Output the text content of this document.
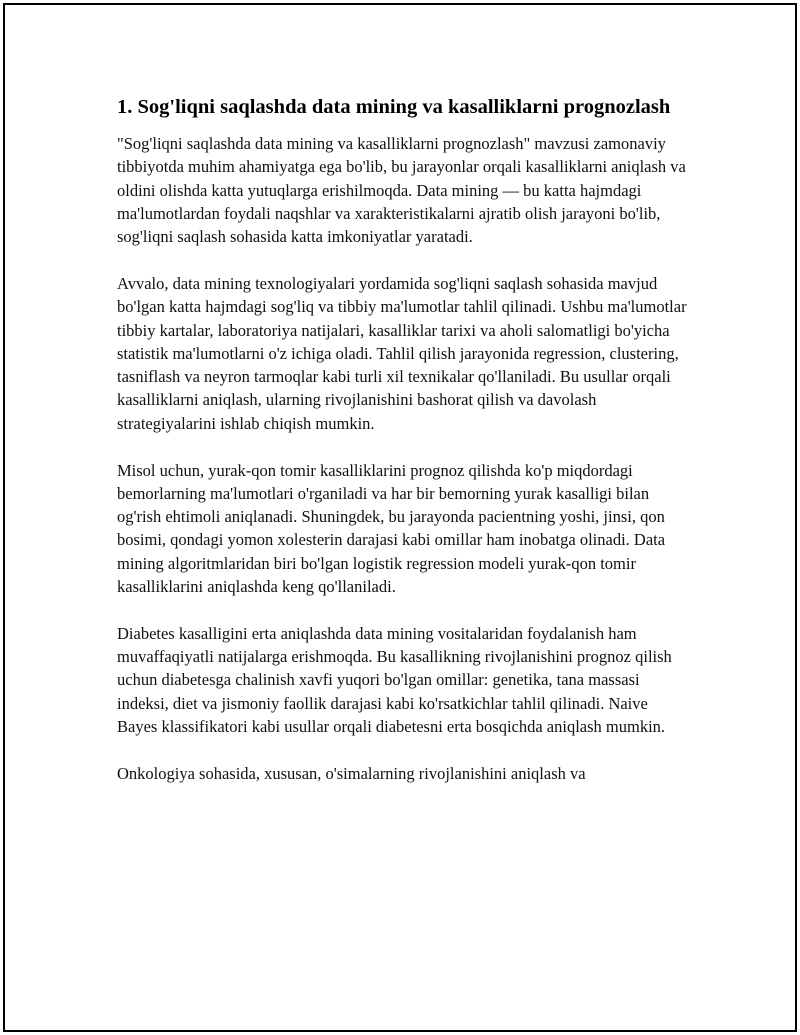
1. Sog'liqni saqlashda data mining va kasalliklarni prognozlash

"Sog'liqni saqlashda data mining va kasalliklarni prognozlash" mavzusi zamonaviy tibbiyotda muhim ahamiyatga ega bo'lib, bu jarayonlar orqali kasalliklarni aniqlash va oldini olishda katta yutuqlarga erishilmoqda. Data mining — bu katta hajmdagi ma'lumotlardan foydali naqshlar va xarakteristikalarni ajratib olish jarayoni bo'lib, sog'liqni saqlash sohasida katta imkoniyatlar yaratadi.

Avvalo, data mining texnologiyalari yordamida sog'liqni saqlash sohasida mavjud bo'lgan katta hajmdagi sog'liq va tibbiy ma'lumotlar tahlil qilinadi. Ushbu ma'lumotlar tibbiy kartalar, laboratoriya natijalari, kasalliklar tarixi va aholi salomatligi bo'yicha statistik ma'lumotlarni o'z ichiga oladi. Tahlil qilish jarayonida regression, clustering, tasniflash va neyron tarmoqlar kabi turli xil texnikalar qo'llaniladi. Bu usullar orqali kasalliklarni aniqlash, ularning rivojlanishini bashorat qilish va davolash strategiyalarini ishlab chiqish mumkin.

Misol uchun, yurak-qon tomir kasalliklarini prognoz qilishda ko'p miqdordagi bemorlarning ma'lumotlari o'rganiladi va har bir bemorning yurak kasalligi bilan og'rish ehtimoli aniqlanadi. Shuningdek, bu jarayonda pacientning yoshi, jinsi, qon bosimi, qondagi yomon xolesterin darajasi kabi omillar ham inobatga olinadi. Data mining algoritmlaridan biri bo'lgan logistik regression modeli yurak-qon tomir kasalliklarini aniqlashda keng qo'llaniladi.

Diabetes kasalligini erta aniqlashda data mining vositalaridan foydalanish ham muvaffaqiyatli natijalarga erishmoqda. Bu kasallikning rivojlanishini prognoz qilish uchun diabetesga chalinish xavfi yuqori bo'lgan omillar: genetika, tana massasi indeksi, diet va jismoniy faollik darajasi kabi ko'rsatkichlar tahlil qilinadi. Naive Bayes klassifikatori kabi usullar orqali diabetesni erta bosqichda aniqlash mumkin.

Onkologiya sohasida, xususan, o'simalarning rivojlanishini aniqlash va
